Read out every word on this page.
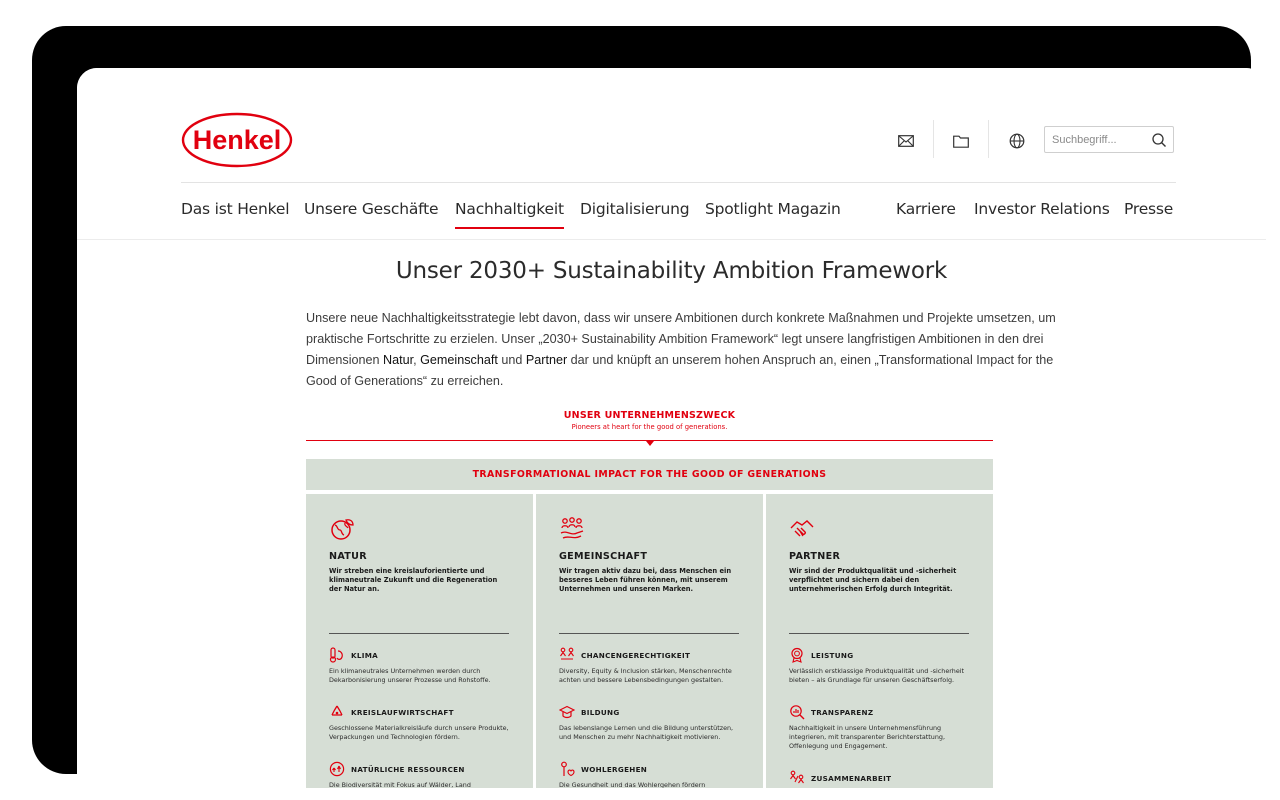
Henkel
Suchbegriff...
Das ist Henkel Unsere Geschäfte Nachhaltigkeit Digitalisierung Spotlight Magazin	Karriere Investor Relations Presse
Unser 2030+ Sustainability Ambition Framework

Unsere neue Nachhaltigkeitsstrategie lebt davon, dass wir unsere Ambitionen durch konkrete Maßnahmen und Projekte umsetzen, um praktische Fortschritte zu erzielen. Unser „2030+ Sustainability Ambition Framework“ legt unsere langfristigen Ambitionen in den drei Dimensionen Natur, Gemeinschaft und Partner dar und knüpft an unserem hohen Anspruch an, einen „Transformational Impact for the Good of Generations“ zu erreichen.

UNSER UNTERNEHMENSZWECK
Pioneers at heart for the good of generations.
TRANSFORMATIONAL IMPACT FOR THE GOOD OF GENERATIONS
NATUR
Wir streben eine kreislauforientierte und klimaneutrale Zukunft und die Regeneration der Natur an.
KLIMA
Ein klimaneutrales Unternehmen werden durch Dekarbonisierung unserer Prozesse und Rohstoffe.
KREISLAUFWIRTSCHAFT
Geschlossene Materialkreisläufe durch unsere Produkte, Verpackungen und Technologien fördern.
NATÜRLICHE RESSOURCEN
Die Biodiversität mit Fokus auf Wälder, Land
GEMEINSCHAFT
Wir tragen aktiv dazu bei, dass Menschen ein besseres Leben führen können, mit unserem Unternehmen und unseren Marken.
CHANCENGERECHTIGKEIT
Diversity, Equity & Inclusion stärken, Menschenrechte achten und bessere Lebensbedingungen gestalten.
BILDUNG
Das lebenslange Lernen und die Bildung unterstützen, und Menschen zu mehr Nachhaltigkeit motivieren.
WOHLERGEHEN
Die Gesundheit und das Wohlergehen fördern
PARTNER
Wir sind der Produktqualität und -sicherheit verpflichtet und sichern dabei den unternehmerischen Erfolg durch Integrität.
LEISTUNG
Verlässlich erstklassige Produktqualität und -sicherheit bieten – als Grundlage für unseren Geschäftserfolg.
TRANSPARENZ
Nachhaltigkeit in unsere Unternehmensführung integrieren, mit transparenter Berichterstattung, Offenlegung und Engagement.
ZUSAMMENARBEIT
